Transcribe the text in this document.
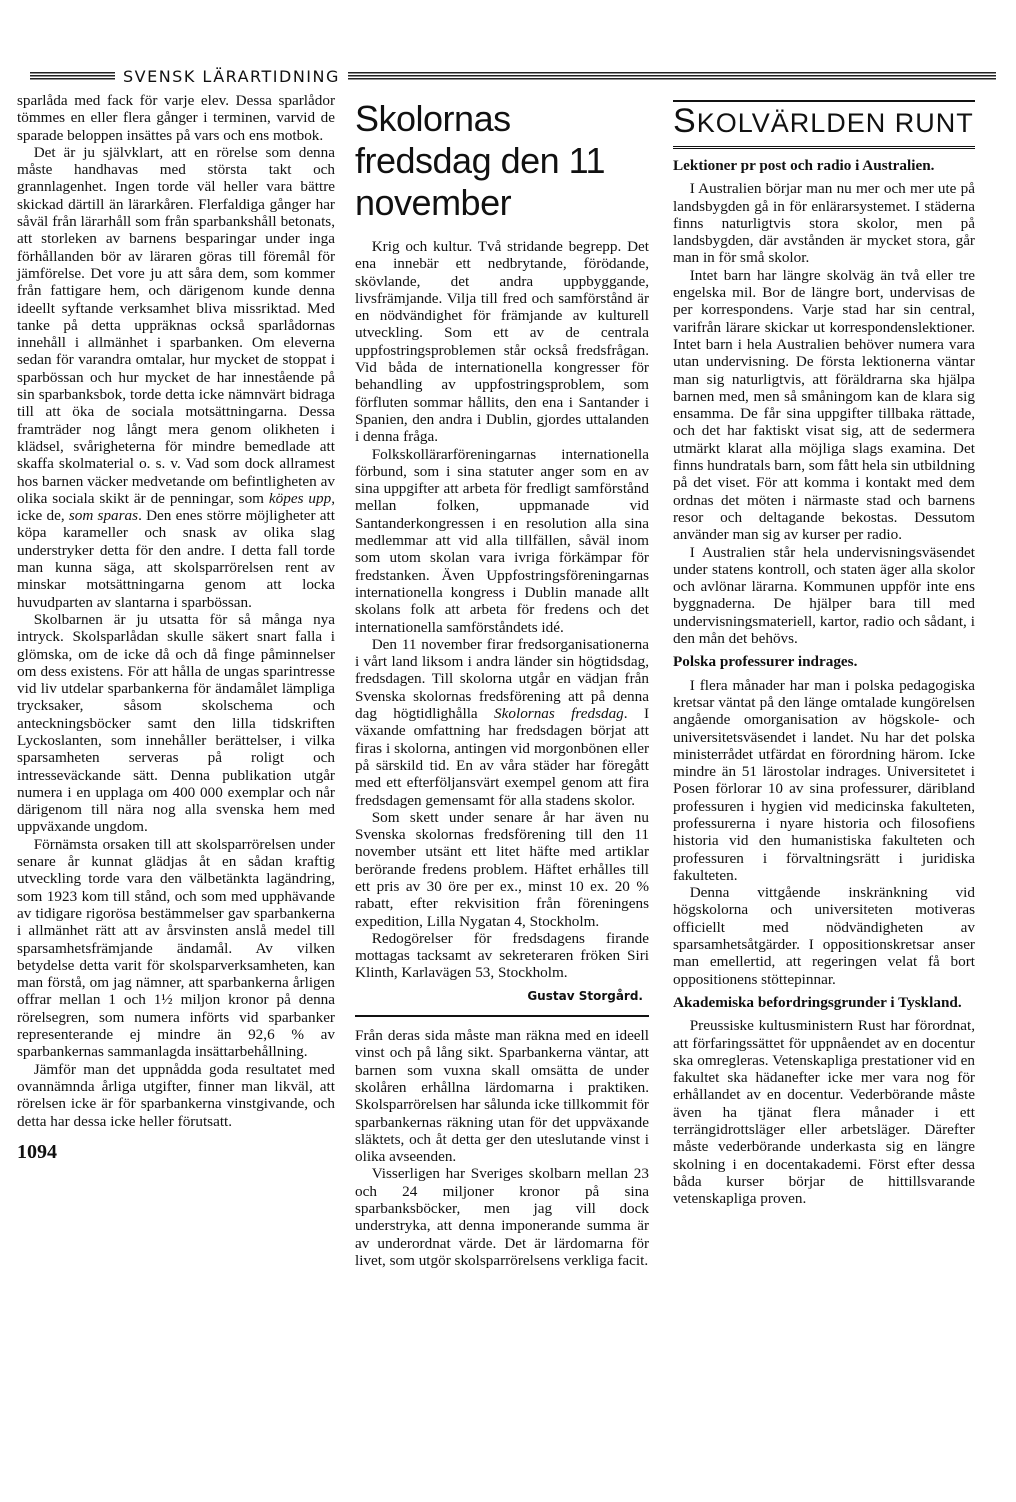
SVENSK LÄRARTIDNING

sparlåda med fack för varje elev. Dessa sparlådor tömmes en eller flera gånger i terminen, varvid de sparade beloppen insättes på vars och ens motbok.

Det är ju självklart, att en rörelse som denna måste handhavas med största takt och grannlagenhet. Ingen torde väl heller vara bättre skickad därtill än lärarkåren. Flerfaldiga gånger har såväl från lärarhåll som från sparbankshåll betonats, att storleken av barnens besparingar under inga förhållanden bör av läraren göras till föremål för jämförelse. Det vore ju att såra dem, som kommer från fattigare hem, och därigenom kunde denna ideellt syftande verksamhet bliva missriktad. Med tanke på detta uppräknas också sparlådornas innehåll i allmänhet i sparbanken. Om eleverna sedan för varandra omtalar, hur mycket de stoppat i sparbössan och hur mycket de har innestående på sin sparbanksbok, torde detta icke nämnvärt bidraga till att öka de sociala motsättningarna. Dessa framträder nog långt mera genom olikheten i klädsel, svårigheterna för mindre bemedlade att skaffa skolmaterial o. s. v. Vad som dock allramest hos barnen väcker medvetande om befintligheten av olika sociala skikt är de penningar, som köpes upp, icke de, som sparas. Den enes större möjligheter att köpa karameller och snask av olika slag understryker detta för den andre. I detta fall torde man kunna säga, att skolsparrörelsen rent av minskar motsättningarna genom att locka huvudparten av slantarna i sparbössan.

Skolbarnen är ju utsatta för så många nya intryck. Skolsparlådan skulle säkert snart falla i glömska, om de icke då och då finge påminnelser om dess existens. För att hålla de ungas sparintresse vid liv utdelar sparbankerna för ändamålet lämpliga trycksaker, såsom skolschema och anteckningsböcker samt den lilla tidskriften Lyckoslanten, som innehåller berättelser, i vilka sparsamheten serveras på roligt och intresseväckande sätt. Denna publikation utgår numera i en upplaga om 400 000 exemplar och når därigenom till nära nog alla svenska hem med uppväxande ungdom.

Förnämsta orsaken till att skolsparrörelsen under senare år kunnat glädjas åt en sådan kraftig utveckling torde vara den välbetänkta lagändring, som 1923 kom till stånd, och som med upphävande av tidigare rigorösa bestämmelser gav sparbankerna i allmänhet rätt att av årsvinsten anslå medel till sparsamhetsfrämjande ändamål. Av vilken betydelse detta varit för skolsparverksamheten, kan man förstå, om jag nämner, att sparbankerna årligen offrar mellan 1 och 1½ miljon kronor på denna rörelsegren, som numera införts vid sparbanker representerande ej mindre än 92,6 % av sparbankernas sammanlagda insättarbehållning.

Jämför man det uppnådda goda resultatet med ovannämnda årliga utgifter, finner man likväl, att rörelsen icke är för sparbankerna vinstgivande, och detta har dessa icke heller förutsatt.

1094
Skolornas fredsdag den 11 november

Krig och kultur. Två stridande begrepp. Det ena innebär ett nedbrytande, förödande, skövlande, det andra uppbyggande, livsfrämjande. Vilja till fred och samförstånd är en nödvändighet för främjande av kulturell utveckling. Som ett av de centrala uppfostringsproblemen står också fredsfrågan. Vid båda de internationella kongresser för behandling av uppfostringsproblem, som förfluten sommar hållits, den ena i Santander i Spanien, den andra i Dublin, gjordes uttalanden i denna fråga.

Folkskollärarföreningarnas internationella förbund, som i sina statuter anger som en av sina uppgifter att arbeta för fredligt samförstånd mellan folken, uppmanade vid Santanderkongressen i en resolution alla sina medlemmar att vid alla tillfällen, såväl inom som utom skolan vara ivriga förkämpar för fredstanken. Även Uppfostringsföreningarnas internationella kongress i Dublin manade allt skolans folk att arbeta för fredens och det internationella samförståndets idé.

Den 11 november firar fredsorganisationerna i vårt land liksom i andra länder sin högtidsdag, fredsdagen. Till skolorna utgår en vädjan från Svenska skolornas fredsförening att på denna dag högtidlighålla Skolornas fredsdag. I växande omfattning har fredsdagen börjat att firas i skolorna, antingen vid morgonbönen eller på särskild tid. En av våra städer har föregått med ett efterföljansvärt exempel genom att fira fredsdagen gemensamt för alla stadens skolor.

Som skett under senare år har även nu Svenska skolornas fredsförening till den 11 november utsänt ett litet häfte med artiklar berörande fredens problem. Häftet erhålles till ett pris av 30 öre per ex., minst 10 ex. 20 % rabatt, efter rekvisition från föreningens expedition, Lilla Nygatan 4, Stockholm.

Redogörelser för fredsdagens firande mottagas tacksamt av sekreteraren fröken Siri Klinth, Karlavägen 53, Stockholm.

Gustav Storgård.

Från deras sida måste man räkna med en ideell vinst och på lång sikt. Sparbankerna väntar, att barnen som vuxna skall omsätta de under skolåren erhållna lärdomarna i praktiken. Skolsparrörelsen har sålunda icke tillkommit för sparbankernas räkning utan för det uppväxande släktets, och åt detta ger den uteslutande vinst i olika avseenden.

Visserligen har Sveriges skolbarn mellan 23 och 24 miljoner kronor på sina sparbanksböcker, men jag vill dock understryka, att denna imponerande summa är av underordnat värde. Det är lärdomarna för livet, som utgör skolsparrörelsens verkliga facit.

SKOLVÄRLDEN RUNT

Lektioner pr post och radio i Australien.

I Australien börjar man nu mer och mer ute på landsbygden gå in för enlärarsystemet. I städerna finns naturligtvis stora skolor, men på landsbygden, där avstånden är mycket stora, går man in för små skolor.

Intet barn har längre skolväg än två eller tre engelska mil. Bor de längre bort, undervisas de per korrespondens. Varje stad har sin central, varifrån lärare skickar ut korrespondenslektioner. Intet barn i hela Australien behöver numera vara utan undervisning. De första lektionerna väntar man sig naturligtvis, att föräldrarna ska hjälpa barnen med, men så småningom kan de klara sig ensamma. De får sina uppgifter tillbaka rättade, och det har faktiskt visat sig, att de sedermera utmärkt klarat alla möjliga slags examina. Det finns hundratals barn, som fått hela sin utbildning på det viset. För att komma i kontakt med dem ordnas det möten i närmaste stad och barnens resor och deltagande bekostas. Dessutom använder man sig av kurser per radio.

I Australien står hela undervisningsväsendet under statens kontroll, och staten äger alla skolor och avlönar lärarna. Kommunen uppför inte ens byggnaderna. De hjälper bara till med undervisningsmateriell, kartor, radio och sådant, i den mån det behövs.

Polska professurer indrages.

I flera månader har man i polska pedagogiska kretsar väntat på den länge omtalade kungörelsen angående omorganisation av högskole- och universitetsväsendet i landet. Nu har det polska ministerrådet utfärdat en förordning härom. Icke mindre än 51 lärostolar indrages. Universitetet i Posen förlorar 10 av sina professurer, däribland professuren i hygien vid medicinska fakulteten, professurerna i nyare historia och filosofiens historia vid den humanistiska fakulteten och professuren i förvaltningsrätt i juridiska fakulteten.

Denna vittgående inskränkning vid högskolorna och universiteten motiveras officiellt med nödvändigheten av sparsamhetsåtgärder. I oppositionskretsar anser man emellertid, att regeringen velat få bort oppositionens stöttepinnar.

Akademiska befordringsgrunder i Tyskland.

Preussiske kultusministern Rust har förordnat, att förfaringssättet för uppnåendet av en docentur ska omregleras. Vetenskapliga prestationer vid en fakultet ska hädanefter icke mer vara nog för erhållandet av en docentur. Vederbörande måste även ha tjänat flera månader i ett terrängidrottsläger eller arbetsläger. Därefter måste vederbörande underkasta sig en längre skolning i en docentakademi. Först efter dessa båda kurser börjar de hittillsvarande vetenskapliga proven.
